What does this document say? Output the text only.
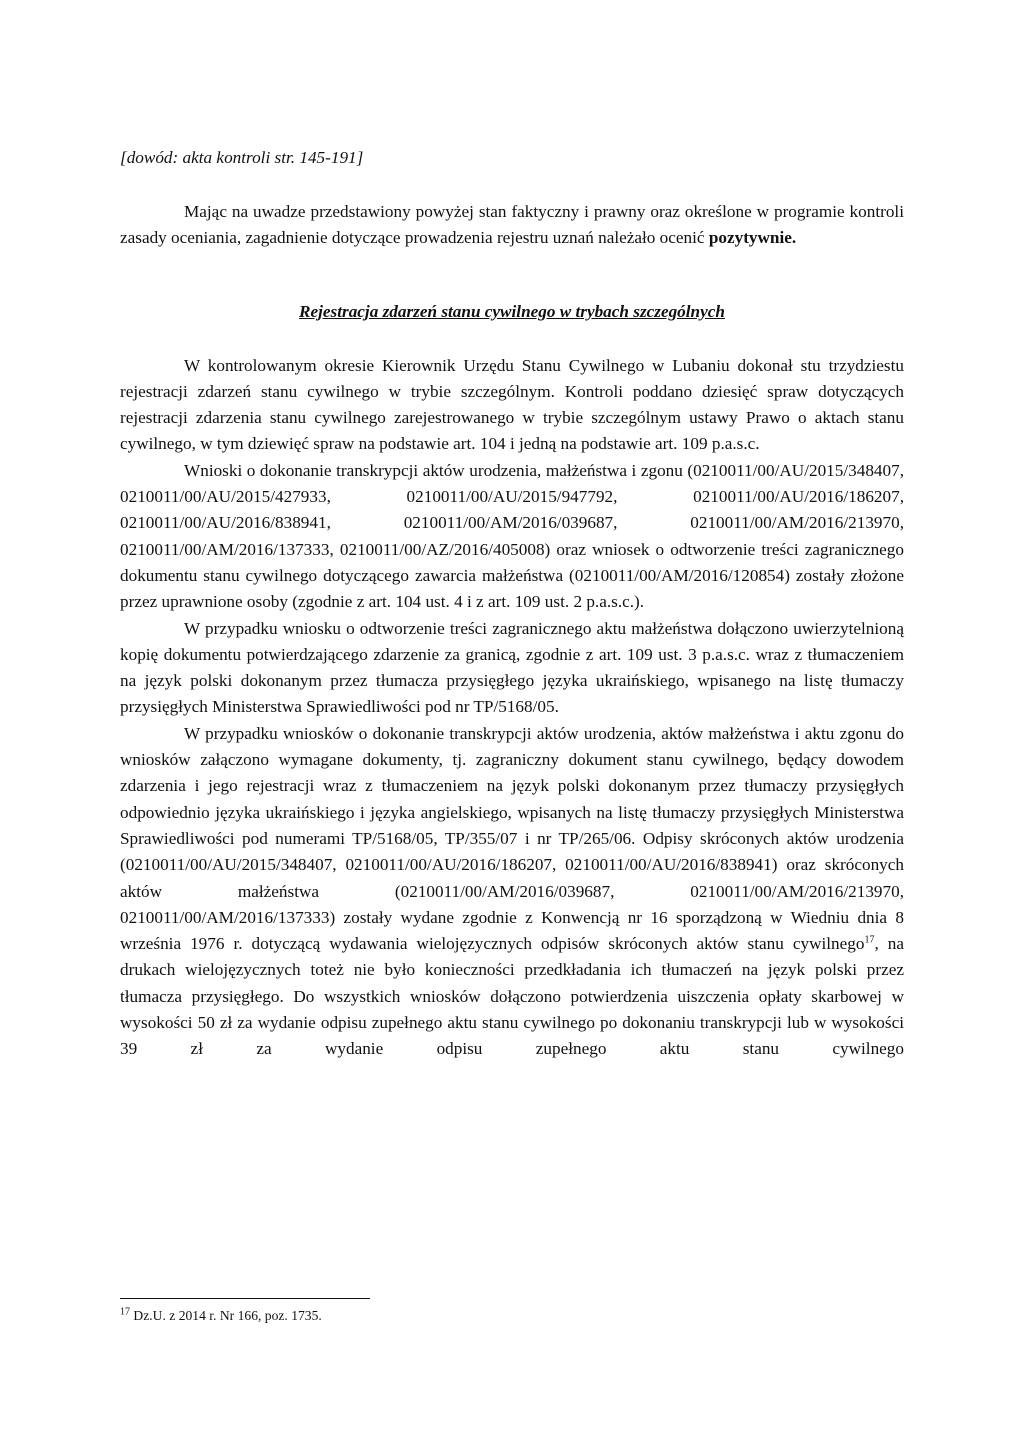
[dowód: akta kontroli str. 145-191]

Mając na uwadze przedstawiony powyżej stan faktyczny i prawny oraz określone w programie kontroli zasady oceniania, zagadnienie dotyczące prowadzenia rejestru uznań należało ocenić pozytywnie.

Rejestracja zdarzeń stanu cywilnego w trybach szczególnych

W kontrolowanym okresie Kierownik Urzędu Stanu Cywilnego w Lubaniu dokonał stu trzydziestu rejestracji zdarzeń stanu cywilnego w trybie szczególnym. Kontroli poddano dziesięć spraw dotyczących rejestracji zdarzenia stanu cywilnego zarejestrowanego w trybie szczególnym ustawy Prawo o aktach stanu cywilnego, w tym dziewięć spraw na podstawie art. 104 i jedną na podstawie art. 109 p.a.s.c.

Wnioski o dokonanie transkrypcji aktów urodzenia, małżeństwa i zgonu (0210011/00/AU/2015/348407, 0210011/00/AU/2015/427933, 0210011/00/AU/2015/947792, 0210011/00/AU/2016/186207, 0210011/00/AU/2016/838941, 0210011/00/AM/2016/039687, 0210011/00/AM/2016/213970, 0210011/00/AM/2016/137333, 0210011/00/AZ/2016/405008) oraz wniosek o odtworzenie treści zagranicznego dokumentu stanu cywilnego dotyczącego zawarcia małżeństwa (0210011/00/AM/2016/120854) zostały złożone przez uprawnione osoby (zgodnie z art. 104 ust. 4 i z art. 109 ust. 2 p.a.s.c.).

W przypadku wniosku o odtworzenie treści zagranicznego aktu małżeństwa dołączono uwierzytelnioną kopię dokumentu potwierdzającego zdarzenie za granicą, zgodnie z art. 109 ust. 3 p.a.s.c. wraz z tłumaczeniem na język polski dokonanym przez tłumacza przysięgłego języka ukraińskiego, wpisanego na listę tłumaczy przysięgłych Ministerstwa Sprawiedliwości pod nr TP/5168/05.

W przypadku wniosków o dokonanie transkrypcji aktów urodzenia, aktów małżeństwa i aktu zgonu do wniosków załączono wymagane dokumenty, tj. zagraniczny dokument stanu cywilnego, będący dowodem zdarzenia i jego rejestracji wraz z tłumaczeniem na język polski dokonanym przez tłumaczy przysięgłych odpowiednio języka ukraińskiego i języka angielskiego, wpisanych na listę tłumaczy przysięgłych Ministerstwa Sprawiedliwości pod numerami TP/5168/05, TP/355/07 i nr TP/265/06. Odpisy skróconych aktów urodzenia (0210011/00/AU/2015/348407, 0210011/00/AU/2016/186207, 0210011/00/AU/2016/838941) oraz skróconych aktów małżeństwa (0210011/00/AM/2016/039687, 0210011/00/AM/2016/213970, 0210011/00/AM/2016/137333) zostały wydane zgodnie z Konwencją nr 16 sporządzoną w Wiedniu dnia 8 września 1976 r. dotyczącą wydawania wielojęzycznych odpisów skróconych aktów stanu cywilnego$^{17}$, na drukach wielojęzycznych toteż nie było konieczności przedkładania ich tłumaczeń na język polski przez tłumacza przysięgłego. Do wszystkich wniosków dołączono potwierdzenia uiszczenia opłaty skarbowej w wysokości 50 zł za wydanie odpisu zupełnego aktu stanu cywilnego po dokonaniu transkrypcji lub w wysokości 39 zł za wydanie odpisu zupełnego aktu stanu cywilnego

$^{17}$ Dz.U. z 2014 r. Nr 166, poz. 1735.
